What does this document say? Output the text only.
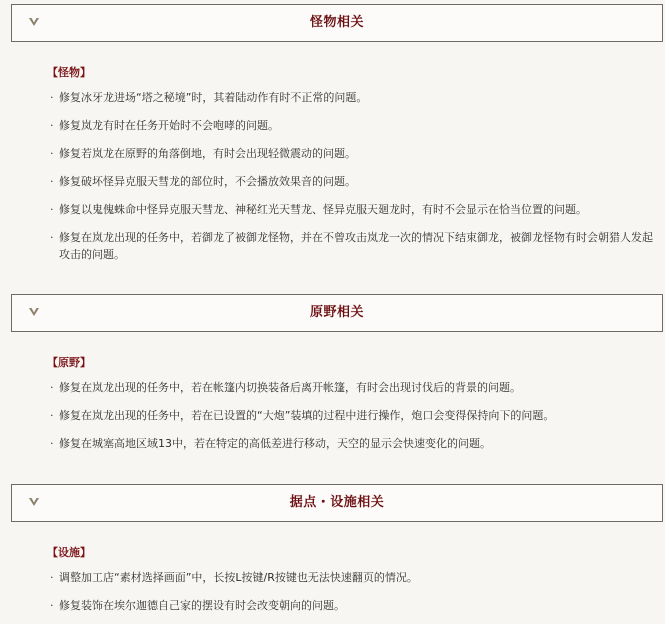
怪物相关
【怪物】
· 修复冰牙龙进场“塔之秘境”时，其着陆动作有时不正常的问题。
· 修复岚龙有时在任务开始时不会咆哮的问题。
· 修复若岚龙在原野的角落倒地，有时会出现轻微震动的问题。
· 修复破坏怪异克服天彗龙的部位时，不会播放效果音的问题。
· 修复以鬼傀蛛命中怪异克服天彗龙、神秘红光天彗龙、怪异克服天廻龙时，有时不会显示在恰当位置的问题。
· 修复在岚龙出现的任务中，若御龙了被御龙怪物，并在不曾攻击岚龙一次的情况下结束御龙，被御龙怪物有时会朝猎人发起攻击的问题。
原野相关
【原野】
· 修复在岚龙出现的任务中，若在帐篷内切换装备后离开帐篷，有时会出现讨伐后的背景的问题。
· 修复在岚龙出现的任务中，若在已设置的“大炮”装填的过程中进行操作，炮口会变得保持向下的问题。
· 修复在城塞高地区域13中，若在特定的高低差进行移动，天空的显示会快速变化的问题。
据点・设施相关
【设施】
· 调整加工店“素材选择画面”中，长按L按键/R按键也无法快速翻页的情况。
· 修复装饰在埃尔迦德自己家的摆设有时会改变朝向的问题。
